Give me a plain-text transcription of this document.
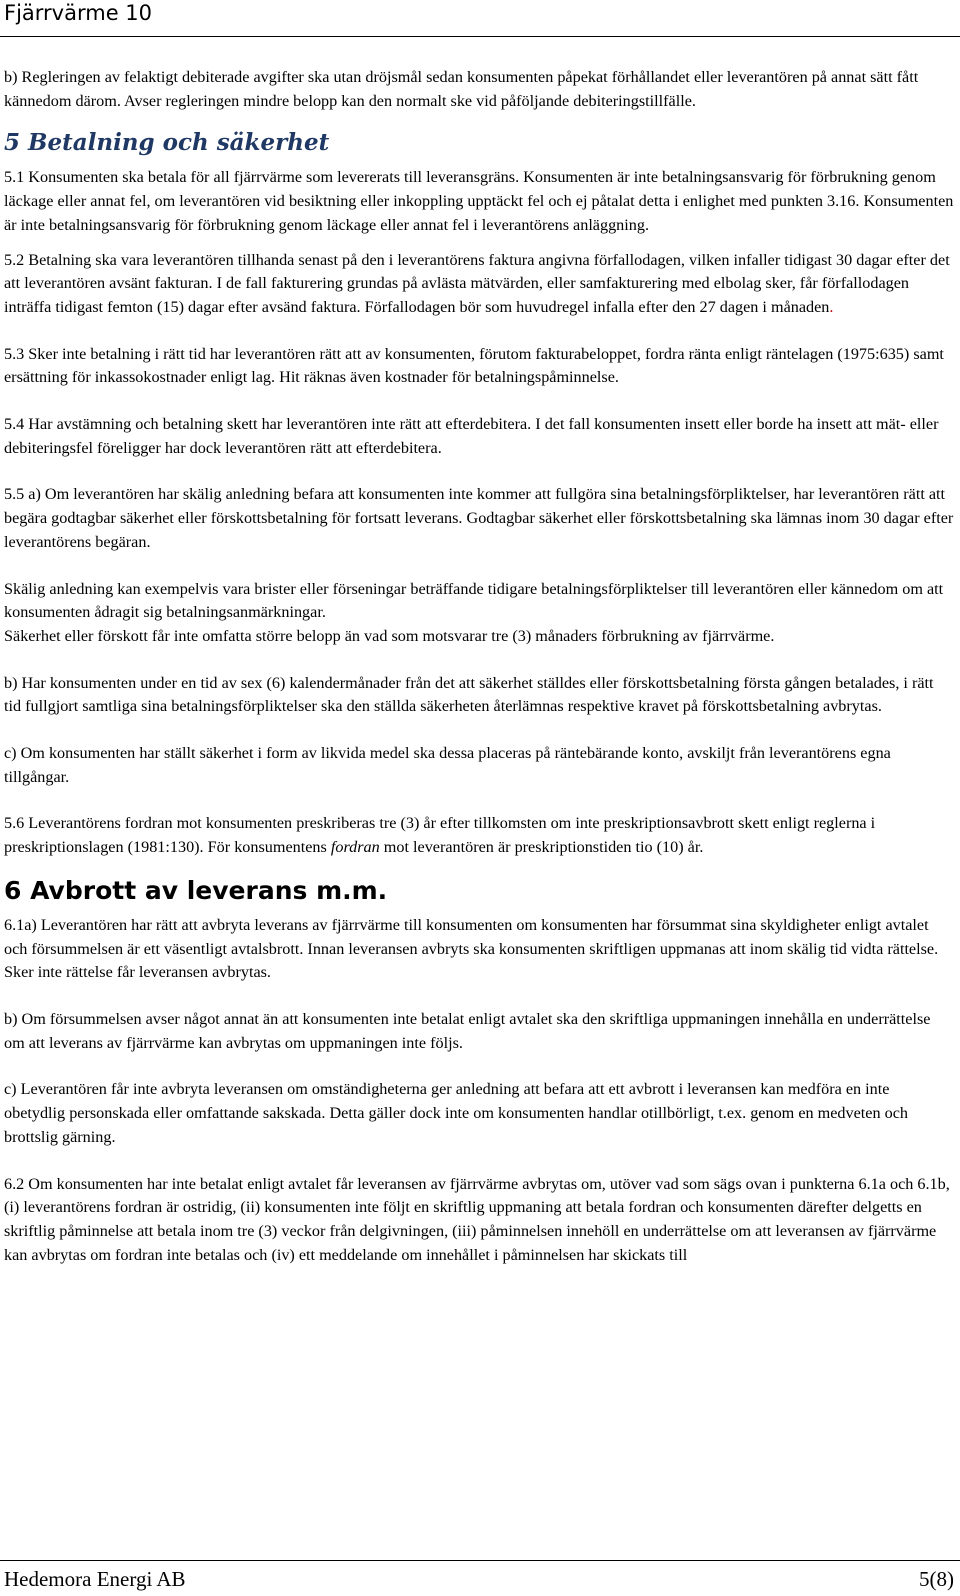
Fjärrvärme 10

b) Regleringen av felaktigt debiterade avgifter ska utan dröjsmål sedan konsumenten påpekat förhållandet eller leverantören på annat sätt fått kännedom därom. Avser regleringen mindre belopp kan den normalt ske vid påföljande debiteringstillfälle.

5 Betalning och säkerhet

5.1 Konsumenten ska betala för all fjärrvärme som levererats till leveransgräns. Konsumenten är inte betalningsansvarig för förbrukning genom läckage eller annat fel, om leverantören vid besiktning eller inkoppling upptäckt fel och ej påtalat detta i enlighet med punkten 3.16. Konsumenten är inte betalningsansvarig för förbrukning genom läckage eller annat fel i leverantörens anläggning.

5.2 Betalning ska vara leverantören tillhanda senast på den i leverantörens faktura angivna förfallodagen, vilken infaller tidigast 30 dagar efter det att leverantören avsänt fakturan. I de fall fakturering grundas på avlästa mätvärden, eller samfakturering med elbolag sker, får förfallodagen inträffa tidigast femton (15) dagar efter avsänd faktura. Förfallodagen bör som huvudregel infalla efter den 27 dagen i månaden.

5.3 Sker inte betalning i rätt tid har leverantören rätt att av konsumenten, förutom fakturabeloppet, fordra ränta enligt räntelagen (1975:635) samt ersättning för inkassokostnader enligt lag. Hit räknas även kostnader för betalningspåminnelse.

5.4 Har avstämning och betalning skett har leverantören inte rätt att efterdebitera. I det fall konsumenten insett eller borde ha insett att mät- eller debiteringsfel föreligger har dock leverantören rätt att efterdebitera.

5.5 a) Om leverantören har skälig anledning befara att konsumenten inte kommer att fullgöra sina betalningsförpliktelser, har leverantören rätt att begära godtagbar säkerhet eller förskottsbetalning för fortsatt leverans. Godtagbar säkerhet eller förskottsbetalning ska lämnas inom 30 dagar efter leverantörens begäran.

Skälig anledning kan exempelvis vara brister eller förseningar beträffande tidigare betalningsförpliktelser till leverantören eller kännedom om att konsumenten ådragit sig betalningsanmärkningar.

Säkerhet eller förskott får inte omfatta större belopp än vad som motsvarar tre (3) månaders förbrukning av fjärrvärme.

b) Har konsumenten under en tid av sex (6) kalendermånader från det att säkerhet ställdes eller förskottsbetalning första gången betalades, i rätt tid fullgjort samtliga sina betalningsförpliktelser ska den ställda säkerheten återlämnas respektive kravet på förskottsbetalning avbrytas.

c) Om konsumenten har ställt säkerhet i form av likvida medel ska dessa placeras på räntebärande konto, avskiljt från leverantörens egna tillgångar.

5.6 Leverantörens fordran mot konsumenten preskriberas tre (3) år efter tillkomsten om inte preskriptionsavbrott skett enligt reglerna i preskriptionslagen (1981:130). För konsumentens fordran mot leverantören är preskriptionstiden tio (10) år.

6 Avbrott av leverans m.m.

6.1a) Leverantören har rätt att avbryta leverans av fjärrvärme till konsumenten om konsumenten har försummat sina skyldigheter enligt avtalet och försummelsen är ett väsentligt avtalsbrott. Innan leveransen avbryts ska konsumenten skriftligen uppmanas att inom skälig tid vidta rättelse. Sker inte rättelse får leveransen avbrytas.

b) Om försummelsen avser något annat än att konsumenten inte betalat enligt avtalet ska den skriftliga uppmaningen innehålla en underrättelse om att leverans av fjärrvärme kan avbrytas om uppmaningen inte följs.

c) Leverantören får inte avbryta leveransen om omständigheterna ger anledning att befara att ett avbrott i leveransen kan medföra en inte obetydlig personskada eller omfattande sakskada. Detta gäller dock inte om konsumenten handlar otillbörligt, t.ex. genom en medveten och brottslig gärning.

6.2 Om konsumenten har inte betalat enligt avtalet får leveransen av fjärrvärme avbrytas om, utöver vad som sägs ovan i punkterna 6.1a och 6.1b, (i) leverantörens fordran är ostridig, (ii) konsumenten inte följt en skriftlig uppmaning att betala fordran och konsumenten därefter delgetts en skriftlig påminnelse att betala inom tre (3) veckor från delgivningen, (iii) påminnelsen innehöll en underrättelse om att leveransen av fjärrvärme kan avbrytas om fordran inte betalas och (iv) ett meddelande om innehållet i påminnelsen har skickats till

Hedemora Energi AB	5(8)
